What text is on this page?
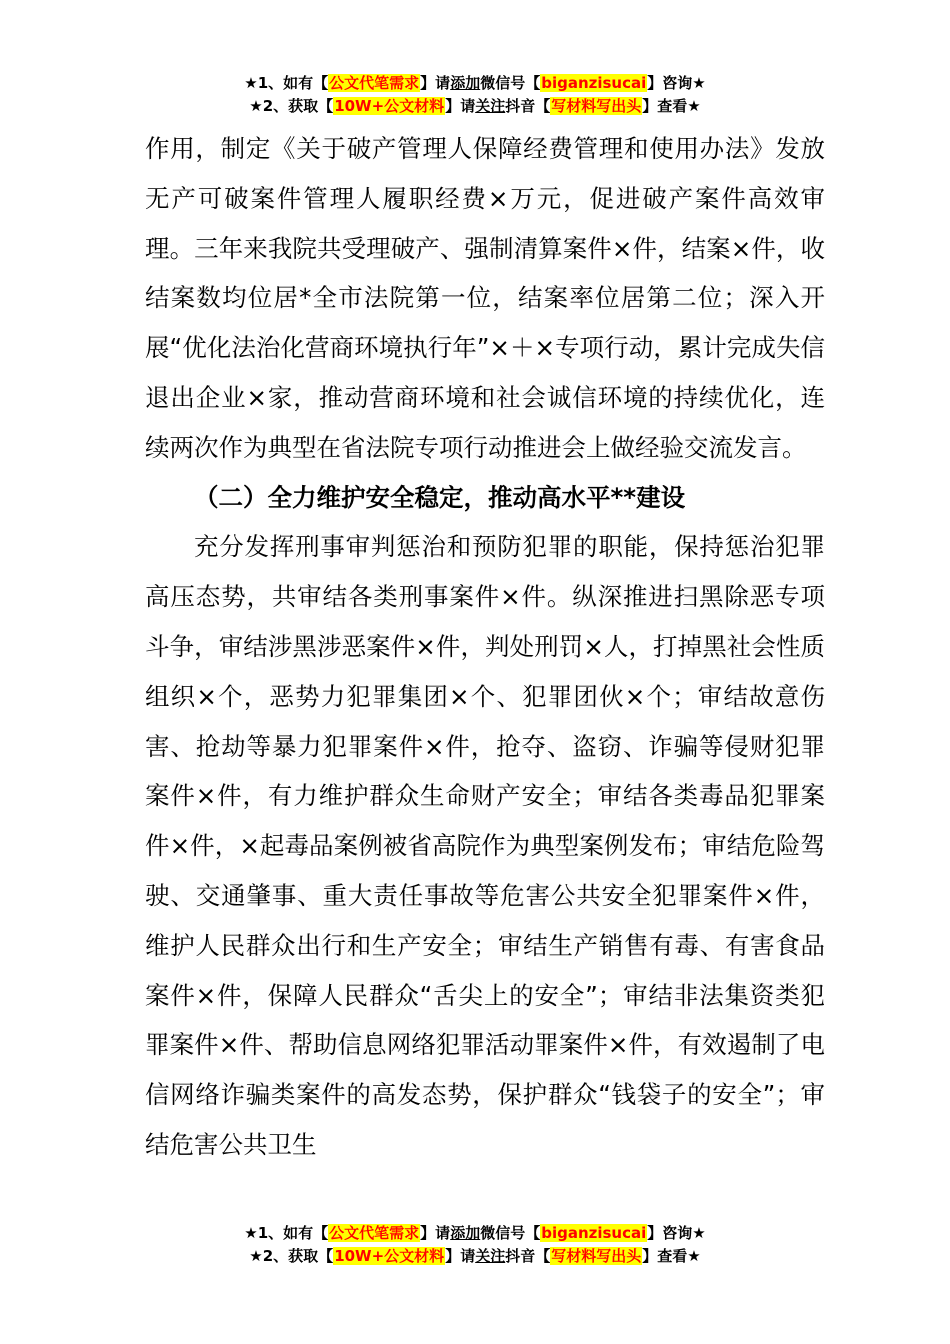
★1、如有【公文代笔需求】请添加微信号【biganzisucai】咨询★
★2、获取【10W+公文材料】请关注抖音【写材料写出头】查看★

作用，制定《关于破产管理人保障经费管理和使用办法》发放无产可破案件管理人履职经费×万元，促进破产案件高效审理。三年来我院共受理破产、强制清算案件×件，结案×件，收结案数均位居*全市法院第一位，结案率位居第二位；深入开展“优化法治化营商环境执行年”×＋×专项行动，累计完成失信退出企业×家，推动营商环境和社会诚信环境的持续优化，连续两次作为典型在省法院专项行动推进会上做经验交流发言。

（二）全力维护安全稳定，推动高水平**建设

充分发挥刑事审判惩治和预防犯罪的职能，保持惩治犯罪高压态势，共审结各类刑事案件×件。纵深推进扫黑除恶专项斗争，审结涉黑涉恶案件×件，判处刑罚×人，打掉黑社会性质组织×个，恶势力犯罪集团×个、犯罪团伙×个；审结故意伤害、抢劫等暴力犯罪案件×件，抢夺、盗窃、诈骗等侵财犯罪案件×件，有力维护群众生命财产安全；审结各类毒品犯罪案件×件，×起毒品案例被省高院作为典型案例发布；审结危险驾驶、交通肇事、重大责任事故等危害公共安全犯罪案件×件，维护人民群众出行和生产安全；审结生产销售有毒、有害食品案件×件，保障人民群众“舌尖上的安全”；审结非法集资类犯罪案件×件、帮助信息网络犯罪活动罪案件×件，有效遏制了电信网络诈骗类案件的高发态势，保护群众“钱袋子的安全”；审结危害公共卫生

★1、如有【公文代笔需求】请添加微信号【biganzisucai】咨询★
★2、获取【10W+公文材料】请关注抖音【写材料写出头】查看★
